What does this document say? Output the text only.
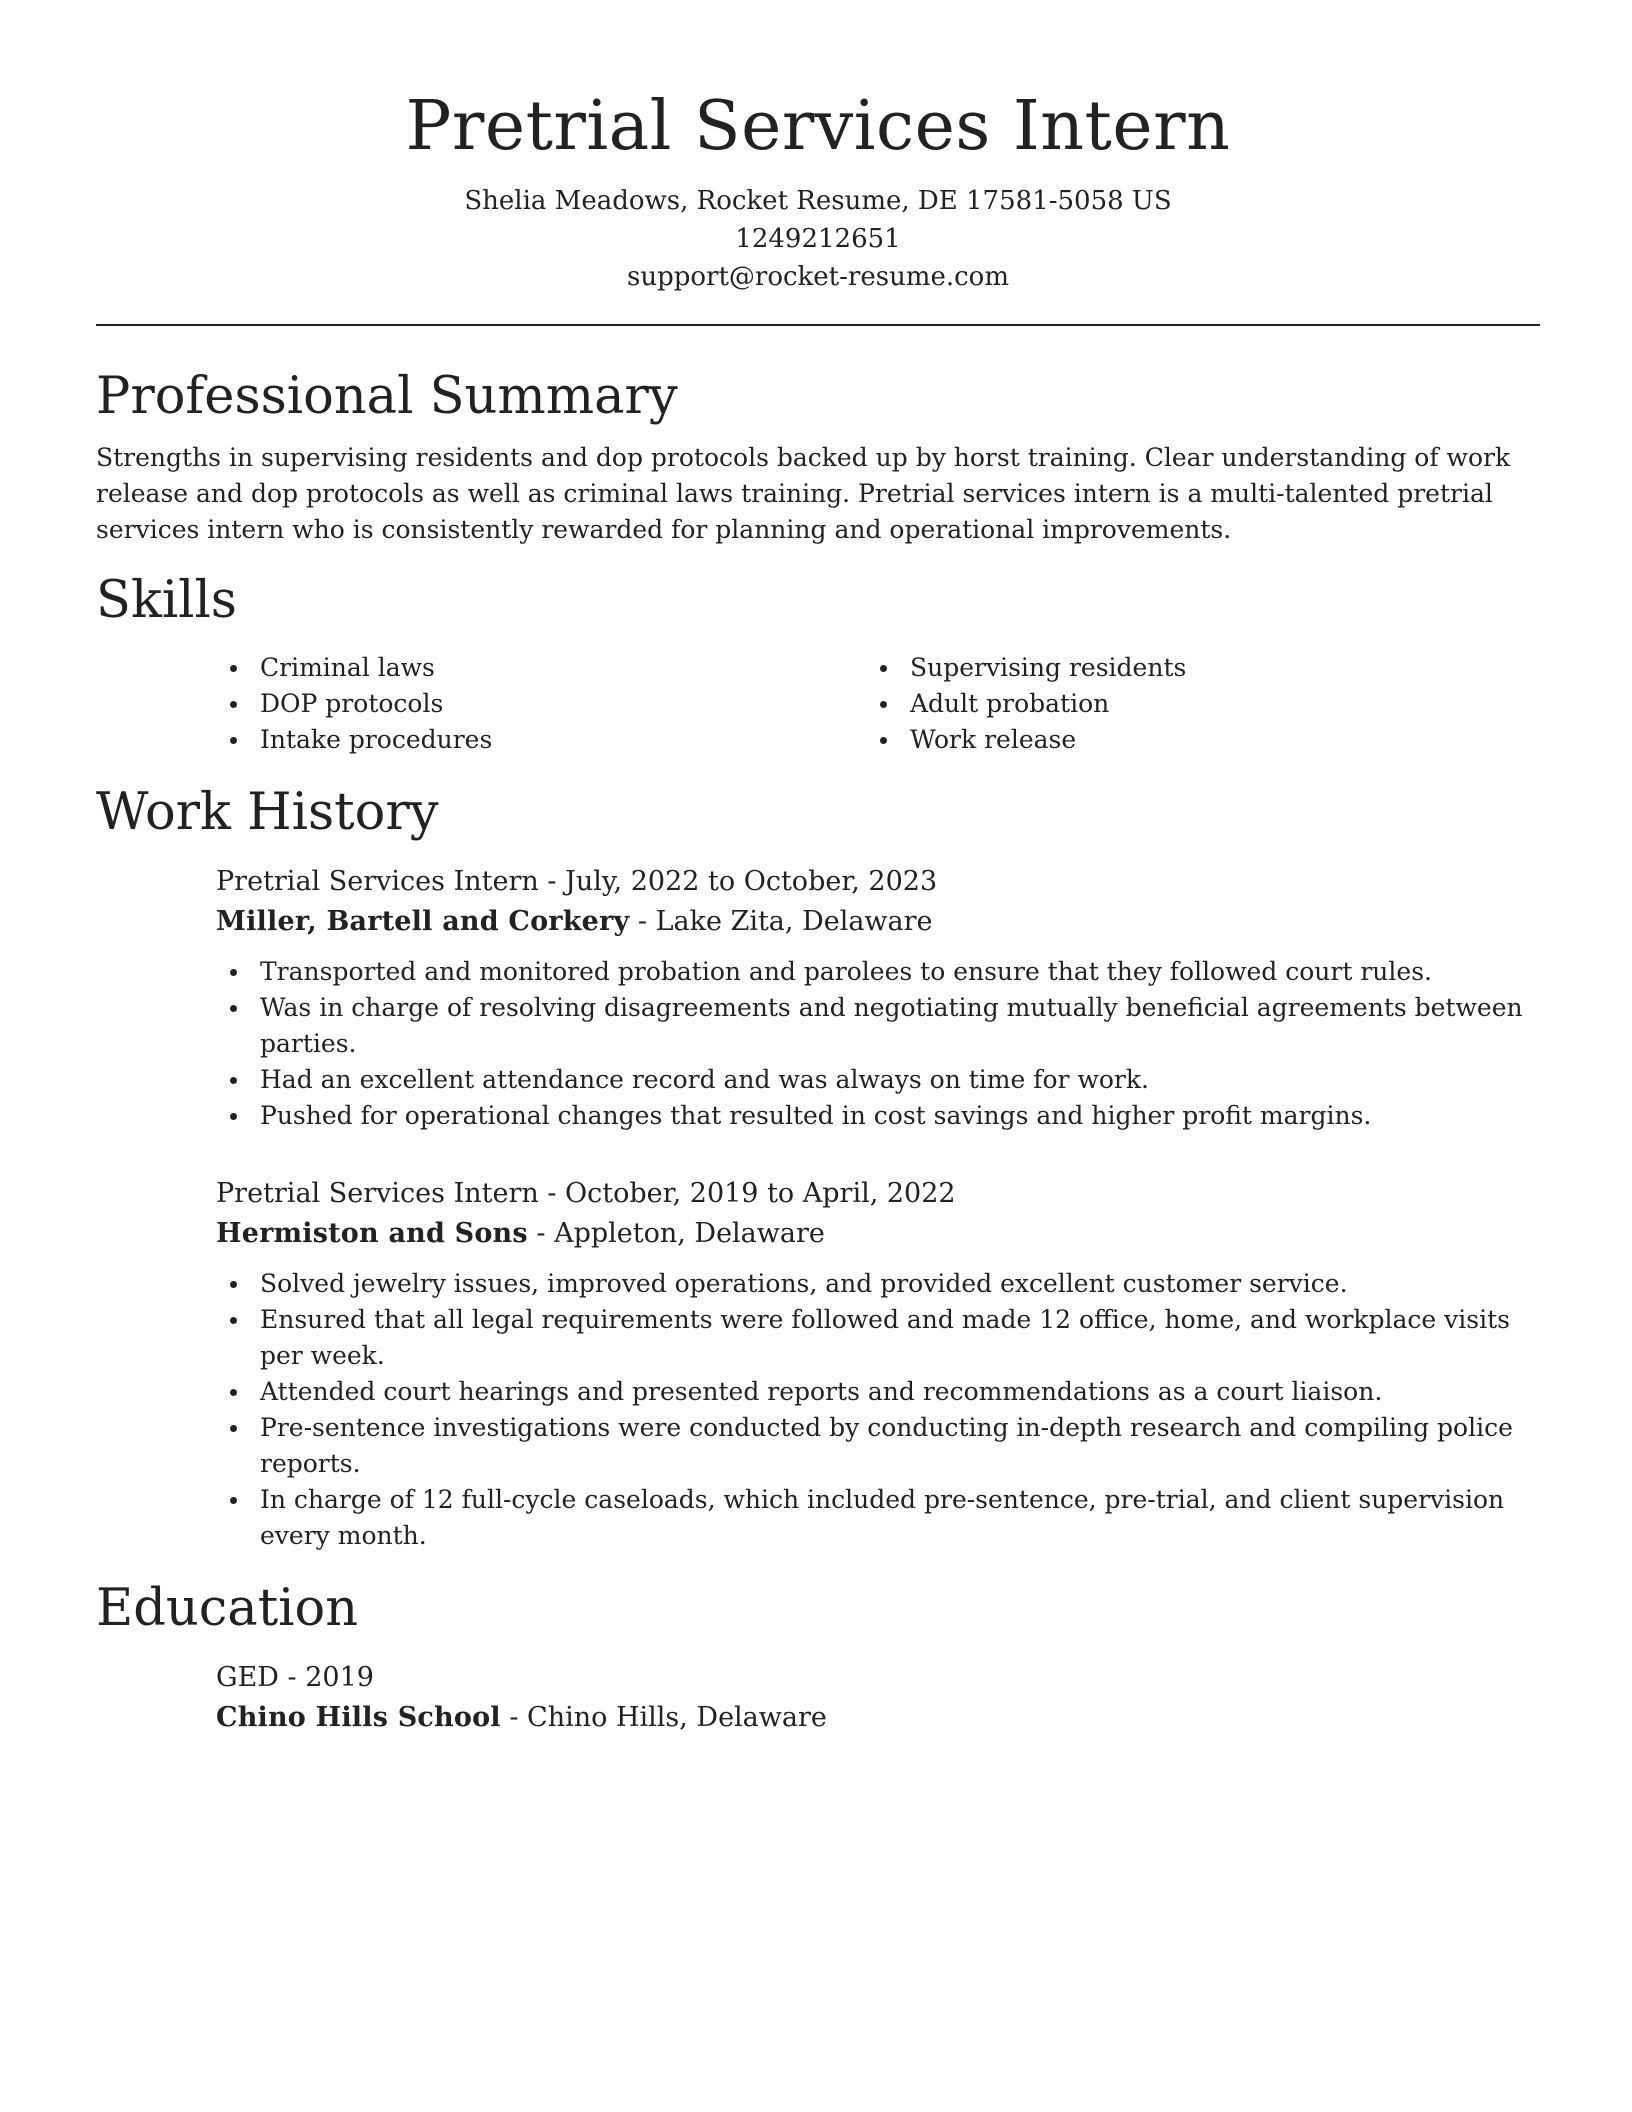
Pretrial Services Intern

Shelia Meadows, Rocket Resume, DE 17581-5058 US

1249212651

support@rocket-resume.com

Professional Summary

Strengths in supervising residents and dop protocols backed up by horst training. Clear understanding of work release and dop protocols as well as criminal laws training. Pretrial services intern is a multi-talented pretrial services intern who is consistently rewarded for planning and operational improvements.

Skills
Criminal laws
DOP protocols
Intake procedures
Supervising residents
Adult probation
Work release
Work History

Pretrial Services Intern - July, 2022 to October, 2023

Miller, Bartell and Corkery - Lake Zita, Delaware

Transported and monitored probation and parolees to ensure that they followed court rules.
Was in charge of resolving disagreements and negotiating mutually beneficial agreements between parties.
Had an excellent attendance record and was always on time for work.
Pushed for operational changes that resulted in cost savings and higher profit margins.

Pretrial Services Intern - October, 2019 to April, 2022

Hermiston and Sons - Appleton, Delaware

Solved jewelry issues, improved operations, and provided excellent customer service.
Ensured that all legal requirements were followed and made 12 office, home, and workplace visits per week.
Attended court hearings and presented reports and recommendations as a court liaison.
Pre-sentence investigations were conducted by conducting in-depth research and compiling police reports.
In charge of 12 full-cycle caseloads, which included pre-sentence, pre-trial, and client supervision every month.
Education

GED - 2019

Chino Hills School - Chino Hills, Delaware
